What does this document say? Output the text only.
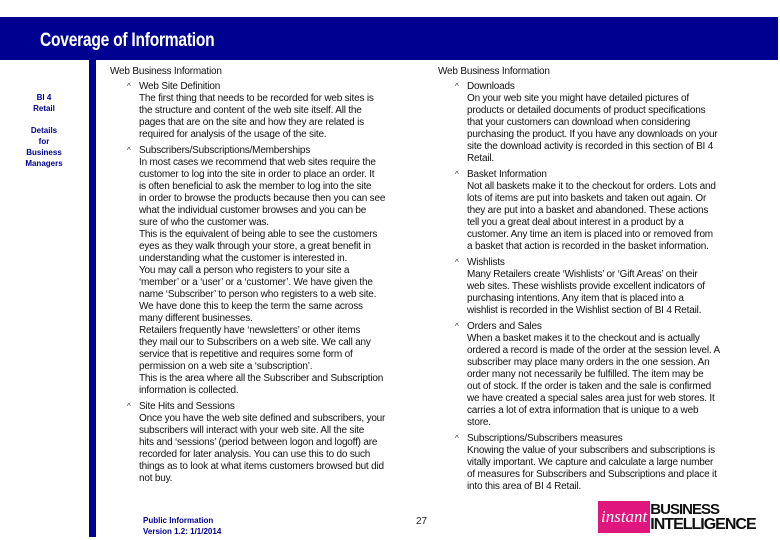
Coverage of Information
BI 4
Retail
Details
for
Business
Managers
Web Business Information
^ Web Site Definition
The first thing that needs to be recorded for web sites is
the structure and content of the web site itself. All the
pages that are on the site and how they are related is
required for analysis of the usage of the site.
^ Subscribers/Subscriptions/Memberships
In most cases we recommend that web sites require the
customer to log into the site in order to place an order. It
is often beneficial to ask the member to log into the site
in order to browse the products because then you can see
what the individual customer browses and you can be
sure of who the customer was.
This is the equivalent of being able to see the customers
eyes as they walk through your store, a great benefit in
understanding what the customer is interested in.
You may call a person who registers to your site a
‘member’ or a ‘user’ or a ‘customer’. We have given the
name ‘Subscriber’ to person who registers to a web site.
We have done this to keep the term the same across
many different businesses.
Retailers frequently have ‘newsletters’ or other items
they mail our to Subscribers on a web site. We call any
service that is repetitive and requires some form of
permission on a web site a ‘subscription’.
This is the area where all the Subscriber and Subscription
information is collected.
^ Site Hits and Sessions
Once you have the web site defined and subscribers, your
subscribers will interact with your web site. All the site
hits and ‘sessions’ (period between logon and logoff) are
recorded for later analysis. You can use this to do such
things as to look at what items customers browsed but did
not buy.
Web Business Information
^ Downloads
On your web site you might have detailed pictures of
products or detailed documents of product specifications
that your customers can download when considering
purchasing the product. If you have any downloads on your
site the download activity is recorded in this section of BI 4
Retail.
^ Basket Information
Not all baskets make it to the checkout for orders. Lots and
lots of items are put into baskets and taken out again. Or
they are put into a basket and abandoned. These actions
tell you a great deal about interest in a product by a
customer. Any time an item is placed into or removed from
a basket that action is recorded in the basket information.
^ Wishlists
Many Retailers create ‘Wishlists’ or ‘Gift Areas’ on their
web sites. These wishlists provide excellent indicators of
purchasing intentions. Any item that is placed into a
wishlist is recorded in the Wishlist section of BI 4 Retail.
^ Orders and Sales
When a basket makes it to the checkout and is actually
ordered a record is made of the order at the session level. A
subscriber may place many orders in the one session. An
order many not necessarily be fulfilled. The item may be
out of stock. If the order is taken and the sale is confirmed
we have created a special sales area just for web stores. It
carries a lot of extra information that is unique to a web
store.
^ Subscriptions/Subscribers measures
Knowing the value of your subscribers and subscriptions is
vitally important. We capture and calculate a large number
of measures for Subscribers and Subscriptions and place it
into this area of BI 4 Retail.
Public Information
Version 1.2: 1/1/2014
27	instant BUSINESS
INTELLIGENCE
